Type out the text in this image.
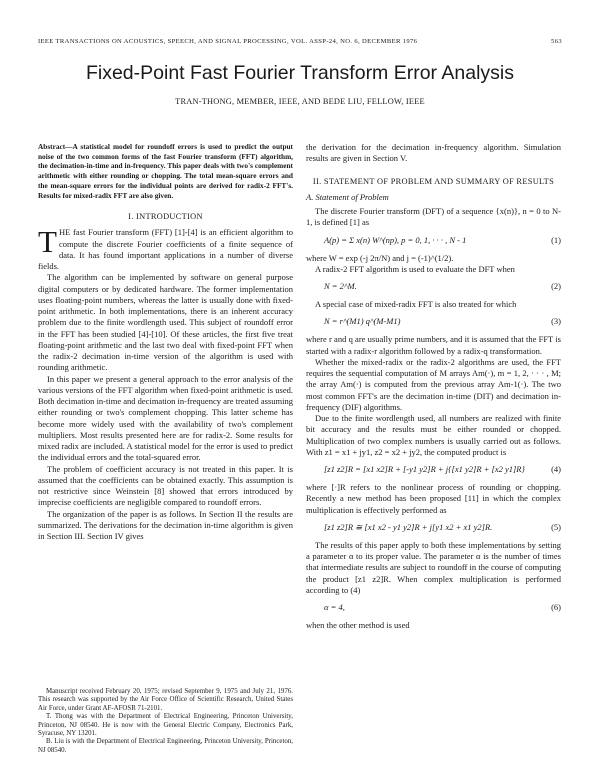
IEEE TRANSACTIONS ON ACOUSTICS, SPEECH, AND SIGNAL PROCESSING, VOL. ASSP-24, NO. 6, DECEMBER 1976	563
Fixed-Point Fast Fourier Transform Error Analysis
TRAN-THONG, MEMBER, IEEE, AND BEDE LIU, FELLOW, IEEE

Abstract—A statistical model for roundoff errors is used to predict the output noise of the two common forms of the fast Fourier transform (FFT) algorithm, the decimation-in-time and in-frequency. This paper deals with two's complement arithmetic with either rounding or chopping. The total mean-square errors and the mean-square errors for the individual points are derived for radix-2 FFT's. Results for mixed-radix FFT are also given.

I. INTRODUCTION

THE fast Fourier transform (FFT) [1]-[4] is an efficient algorithm to compute the discrete Fourier coefficients of a finite sequence of data. It has found important applications in a number of diverse fields.

The algorithm can be implemented by software on general purpose digital computers or by dedicated hardware. The former implementation uses floating-point numbers, whereas the latter is usually done with fixed-point arithmetic. In both implementations, there is an inherent accuracy problem due to the finite wordlength used. This subject of roundoff error in the FFT has been studied [4]-[10]. Of these articles, the first five treat floating-point arithmetic and the last two deal with fixed-point FFT when the radix-2 decimation in-time version of the algorithm is used with rounding arithmetic.

In this paper we present a general approach to the error analysis of the various versions of the FFT algorithm when fixed-point arithmetic is used. Both decimation in-time and decimation in-frequency are treated assuming either rounding or two's complement chopping. This latter scheme has become more widely used with the availability of two's complement multipliers. Most results presented here are for radix-2. Some results for mixed radix are included. A statistical model for the error is used to predict the individual errors and the total-squared error.

The problem of coefficient accuracy is not treated in this paper. It is assumed that the coefficients can be obtained exactly. This assumption is not restrictive since Weinstein [8] showed that errors introduced by imprecise coefficients are negligible compared to roundoff errors.

The organization of the paper is as follows. In Section II the results are summarized. The derivations for the decimation in-time algorithm is given in Section III. Section IV gives

Manuscript received February 20, 1975; revised September 9, 1975 and July 21, 1976. This research was supported by the Air Force Office of Scientific Research, United States Air Force, under Grant AF-AFOSR 71-2101.

T. Thong was with the Department of Electrical Engineering, Princeton University, Princeton, NJ 08540. He is now with the General Electric Company, Electronics Park, Syracuse, NY 13201.

B. Liu is with the Department of Electrical Engineering, Princeton University, Princeton, NJ 08540.

the derivation for the decimation in-frequency algorithm. Simulation results are given in Section V.

II. STATEMENT OF PROBLEM AND SUMMARY OF RESULTS
A. Statement of Problem

The discrete Fourier transform (DFT) of a sequence {x(n)}, n = 0 to N-1, is defined [1] as

A(p) = Σ x(n) W^(np), p = 0, 1, · · · , N - 1	(1)

where W = exp (-j 2π/N) and j = (-1)^(1/2).

A radix-2 FFT algorithm is used to evaluate the DFT when

N = 2^M.	(2)

A special case of mixed-radix FFT is also treated for which

N = r^(M1) q^(M-M1)	(3)

where r and q are usually prime numbers, and it is assumed that the FFT is started with a radix-r algorithm followed by a radix-q transformation.

Whether the mixed-radix or the radix-2 algorithms are used, the FFT requires the sequential computation of M arrays Am(·), m = 1, 2, · · · , M; the array Am(·) is computed from the previous array Am-1(·). The two most common FFT's are the decimation in-time (DIT) and decimation in-frequency (DIF) algorithms.

Due to the finite wordlength used, all numbers are realized with finite bit accuracy and the results must be either rounded or chopped. Multiplication of two complex numbers is usually carried out as follows. With z1 = x1 + jy1, z2 = x2 + jy2, the computed product is

[z1 z2]R = [x1 x2]R + [-y1 y2]R + j{[x1 y2]R + [x2 y1]R}	(4)

where [·]R refers to the nonlinear process of rounding or chopping. Recently a new method has been proposed [11] in which the complex multiplication is effectively performed as

[z1 z2]R ≅ [x1 x2 - y1 y2]R + j[y1 x2 + x1 y2]R.	(5)

The results of this paper apply to both these implementations by setting a parameter α to its proper value. The parameter α is the number of times that intermediate results are subject to roundoff in the course of computing the product [z1 z2]R. When complex multiplication is performed according to (4)

α = 4,	(6)

when the other method is used
